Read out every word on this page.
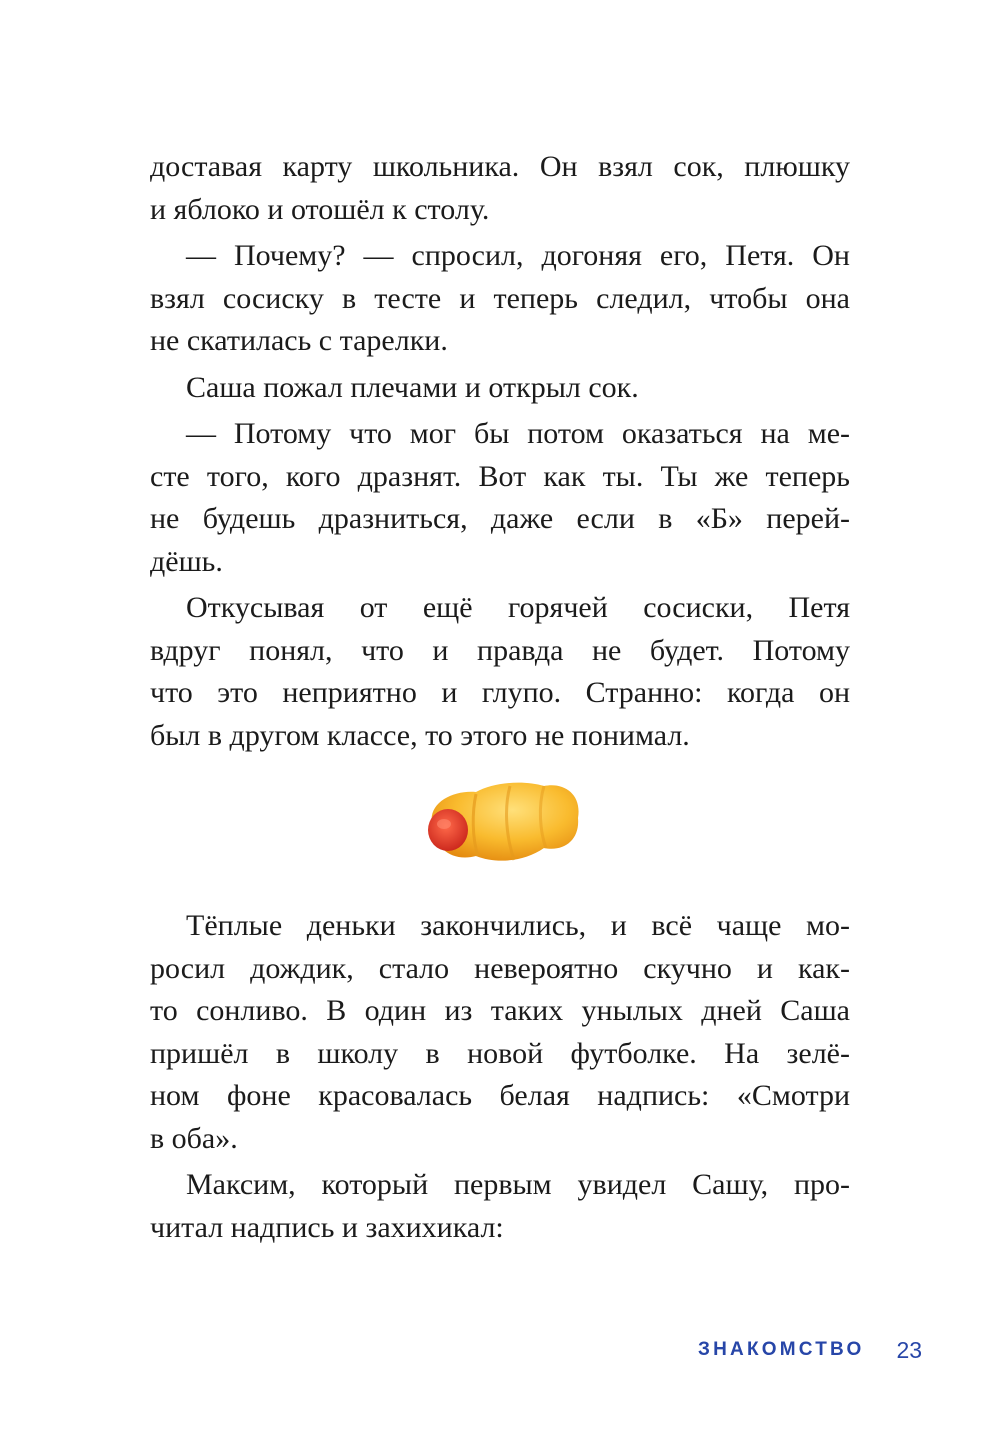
доставая карту школьника. Он взял сок, плюшку
и яблоко и отошёл к столу.
— Почему? — спросил, догоняя его, Петя. Он
взял сосиску в тесте и теперь следил, чтобы она
не скатилась с тарелки.
Саша пожал плечами и открыл сок.
— Потому что мог бы потом оказаться на ме-
сте того, кого дразнят. Вот как ты. Ты же теперь
не будешь дразниться, даже если в «Б» перей-
дёшь.
Откусывая от ещё горячей сосиски, Петя
вдруг понял, что и правда не будет. Потому
что это неприятно и глупо. Странно: когда он
был в другом классе, то этого не понимал.
Тёплые деньки закончились, и всё чаще мо-
росил дождик, стало невероятно скучно и как-
то сонливо. В один из таких унылых дней Саша
пришёл в школу в новой футболке. На зелё-
ном фоне красовалась белая надпись: «Смотри
в оба».
Максим, который первым увидел Сашу, про-
читал надпись и захихикал:
ЗНАКОМСТВО 23
